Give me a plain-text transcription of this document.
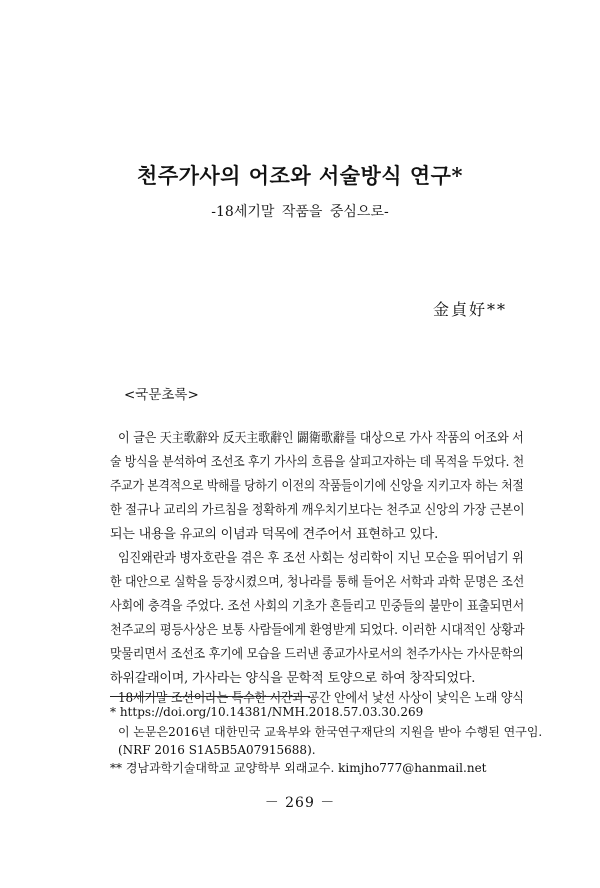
천주가사의 어조와 서술방식 연구*

-18세기말 작품을 중심으로-

金貞好**

<국문초록>

이 글은 天主歌辭와 反天主歌辭인 闢衛歌辭를 대상으로 가사 작품의 어조와 서

술 방식을 분석하여 조선조 후기 가사의 흐름을 살피고자하는 데 목적을 두었다. 천

주교가 본격적으로 박해를 당하기 이전의 작품들이기에 신앙을 지키고자 하는 처절

한 절규나 교리의 가르침을 정확하게 깨우치기보다는 천주교 신앙의 가장 근본이

되는 내용을 유교의 이념과 덕목에 견주어서 표현하고 있다.

임진왜란과 병자호란을 겪은 후 조선 사회는 성리학이 지닌 모순을 뛰어넘기 위

한 대안으로 실학을 등장시켰으며, 청나라를 통해 들어온 서학과 과학 문명은 조선

사회에 충격을 주었다. 조선 사회의 기초가 흔들리고 민중들의 불만이 표출되면서

천주교의 평등사상은 보통 사람들에게 환영받게 되었다. 이러한 시대적인 상황과

맞물리면서 조선조 후기에 모습을 드러낸 종교가사로서의 천주가사는 가사문학의

하위갈래이며, 가사라는 양식을 문학적 토양으로 하여 창작되었다.

18세기말 조선이라는 특수한 시간과 공간 안에서 낯선 사상이 낯익은 노래 양식

* https://doi.org/10.14381/NMH.2018.57.03.30.269

이 논문은2016년 대한민국 교육부와 한국연구재단의 지원을 받아 수행된 연구임.

(NRF 2016 S1A5B5A07915688).

** 경남과학기술대학교 교양학부 외래교수. kimjho777@hanmail.net

－ 269 －
